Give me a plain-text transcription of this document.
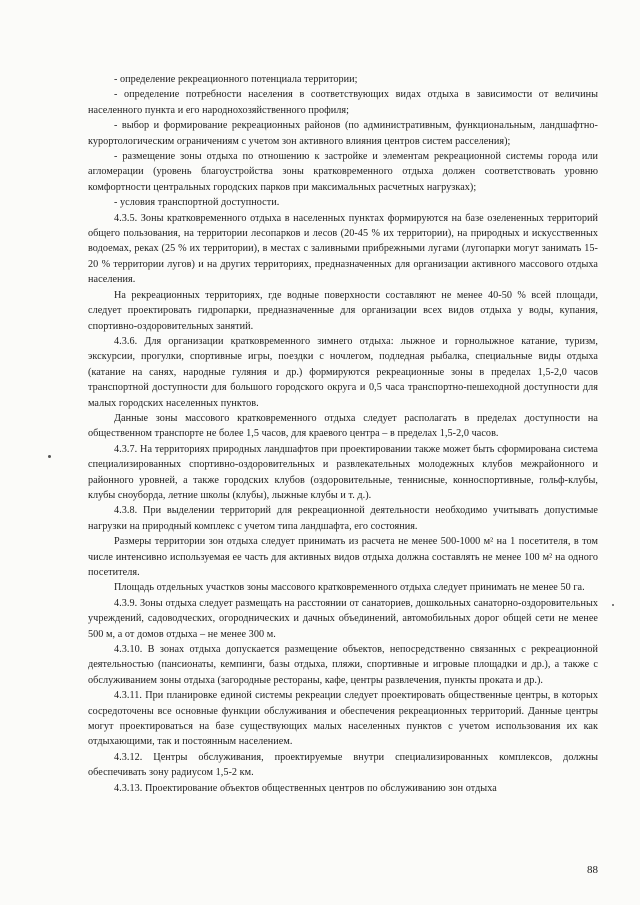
- определение рекреационного потенциала территории;

- определение потребности населения в соответствующих видах отдыха в зависимости от величины населенного пункта и его народнохозяйственного профиля;

- выбор и формирование рекреационных районов (по административным, функциональным, ландшафтно-курортологическим ограничениям с учетом зон активного влияния центров систем расселения);

- размещение зоны отдыха по отношению к застройке и элементам рекреационной системы города или агломерации (уровень благоустройства зоны кратковременного отдыха должен соответствовать уровню комфортности центральных городских парков при максимальных расчетных нагрузках);

- условия транспортной доступности.

4.3.5. Зоны кратковременного отдыха в населенных пунктах формируются на базе озелененных территорий общего пользования, на территории лесопарков и лесов (20-45 % их территории), на природных и искусственных водоемах, реках (25 % их территории), в местах с заливными прибрежными лугами (лугопарки могут занимать 15-20 % территории лугов) и на других территориях, предназначенных для организации активного массового отдыха населения.

На рекреационных территориях, где водные поверхности составляют не менее 40-50 % всей площади, следует проектировать гидропарки, предназначенные для организации всех видов отдыха у воды, купания, спортивно-оздоровительных занятий.

4.3.6. Для организации кратковременного зимнего отдыха: лыжное и горнолыжное катание, туризм, экскурсии, прогулки, спортивные игры, поездки с ночлегом, подледная рыбалка, специальные виды отдыха (катание на санях, народные гуляния и др.) формируются рекреационные зоны в пределах 1,5-2,0 часов транспортной доступности для большого городского округа и 0,5 часа транспортно-пешеходной доступности для малых городских населенных пунктов.

Данные зоны массового кратковременного отдыха следует располагать в пределах доступности на общественном транспорте не более 1,5 часов, для краевого центра – в пределах 1,5-2,0 часов.

4.3.7. На территориях природных ландшафтов при проектировании также может быть сформирована система специализированных спортивно-оздоровительных и развлекательных молодежных клубов межрайонного и районного уровней, а также городских клубов (оздоровительные, теннисные, конноспортивные, гольф-клубы, клубы сноуборда, летние школы (клубы), лыжные клубы и т. д.).

4.3.8. При выделении территорий для рекреационной деятельности необходимо учитывать допустимые нагрузки на природный комплекс с учетом типа ландшафта, его состояния.

Размеры территории зон отдыха следует принимать из расчета не менее 500-1000 м² на 1 посетителя, в том числе интенсивно используемая ее часть для активных видов отдыха должна составлять не менее 100 м² на одного посетителя.

Площадь отдельных участков зоны массового кратковременного отдыха следует принимать не менее 50 га.

4.3.9. Зоны отдыха следует размещать на расстоянии от санаториев, дошкольных санаторно-оздоровительных учреждений, садоводческих, огороднических и дачных объединений, автомобильных дорог общей сети не менее 500 м, а от домов отдыха – не менее 300 м.

4.3.10. В зонах отдыха допускается размещение объектов, непосредственно связанных с рекреационной деятельностью (пансионаты, кемпинги, базы отдыха, пляжи, спортивные и игровые площадки и др.), а также с обслуживанием зоны отдыха (загородные рестораны, кафе, центры развлечения, пункты проката и др.).

4.3.11. При планировке единой системы рекреации следует проектировать общественные центры, в которых сосредоточены все основные функции обслуживания и обеспечения рекреационных территорий. Данные центры могут проектироваться на базе существующих малых населенных пунктов с учетом использования их как отдыхающими, так и постоянным населением.

4.3.12. Центры обслуживания, проектируемые внутри специализированных комплексов, должны обеспечивать зону радиусом 1,5-2 км.

4.3.13. Проектирование объектов общественных центров по обслуживанию зон отдыха

88
